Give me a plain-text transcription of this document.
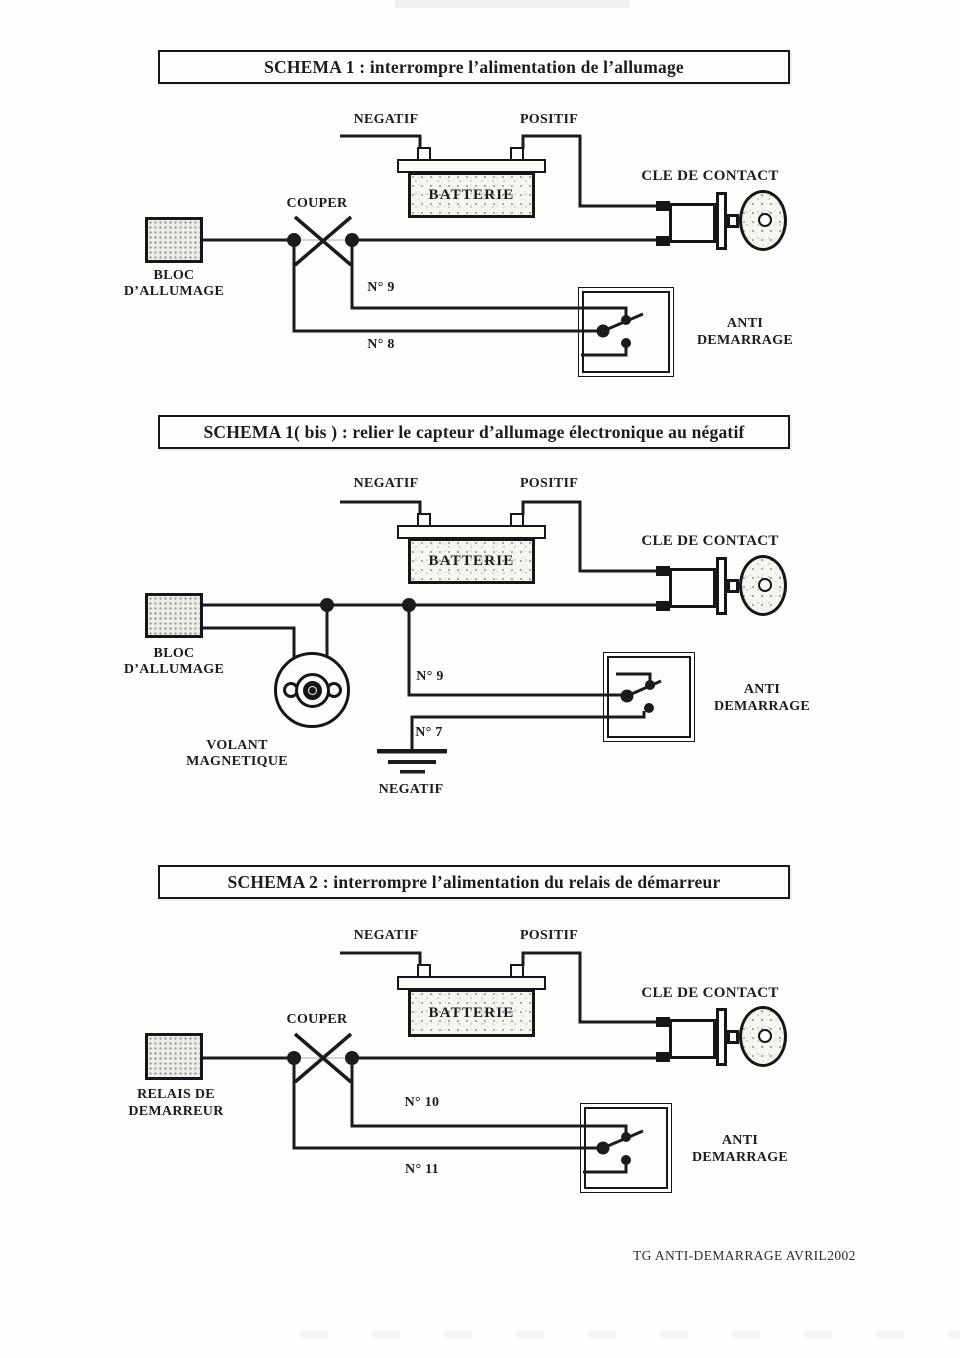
SCHEMA 1 : interrompre l’alimentation de l’allumage
NEGATIF	POSITIF
BATTERIE
CLE DE CONTACT
BLOC
D’ALLUMAGE
COUPER
N° 9
N° 8
ANTI
DEMARRAGE
SCHEMA 1( bis ) : relier le capteur d’allumage électronique au négatif
NEGATIF	POSITIF
BATTERIE
CLE DE CONTACT
BLOC
D’ALLUMAGE
VOLANT
MAGNETIQUE
N° 9
N° 7
NEGATIF
ANTI
DEMARRAGE
SCHEMA 2 : interrompre l’alimentation du relais de démarreur
NEGATIF	POSITIF
BATTERIE
CLE DE CONTACT
RELAIS DE
DEMARREUR
COUPER
N° 10
N° 11
ANTI
DEMARRAGE
TG ANTI-DEMARRAGE AVRIL2002
